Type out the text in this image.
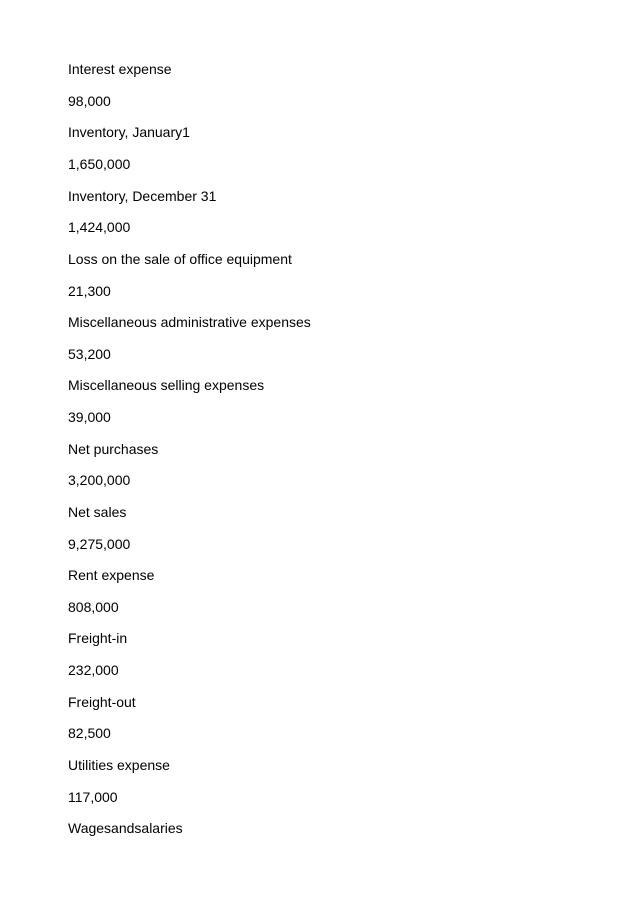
Interest expense
98,000
Inventory, January1
1,650,000
Inventory, December 31
1,424,000
Loss on the sale of office equipment
21,300
Miscellaneous administrative expenses
53,200
Miscellaneous selling expenses
39,000
Net purchases
3,200,000
Net sales
9,275,000
Rent expense
808,000
Freight-in
232,000
Freight-out
82,500
Utilities expense
117,000
Wagesandsalaries
